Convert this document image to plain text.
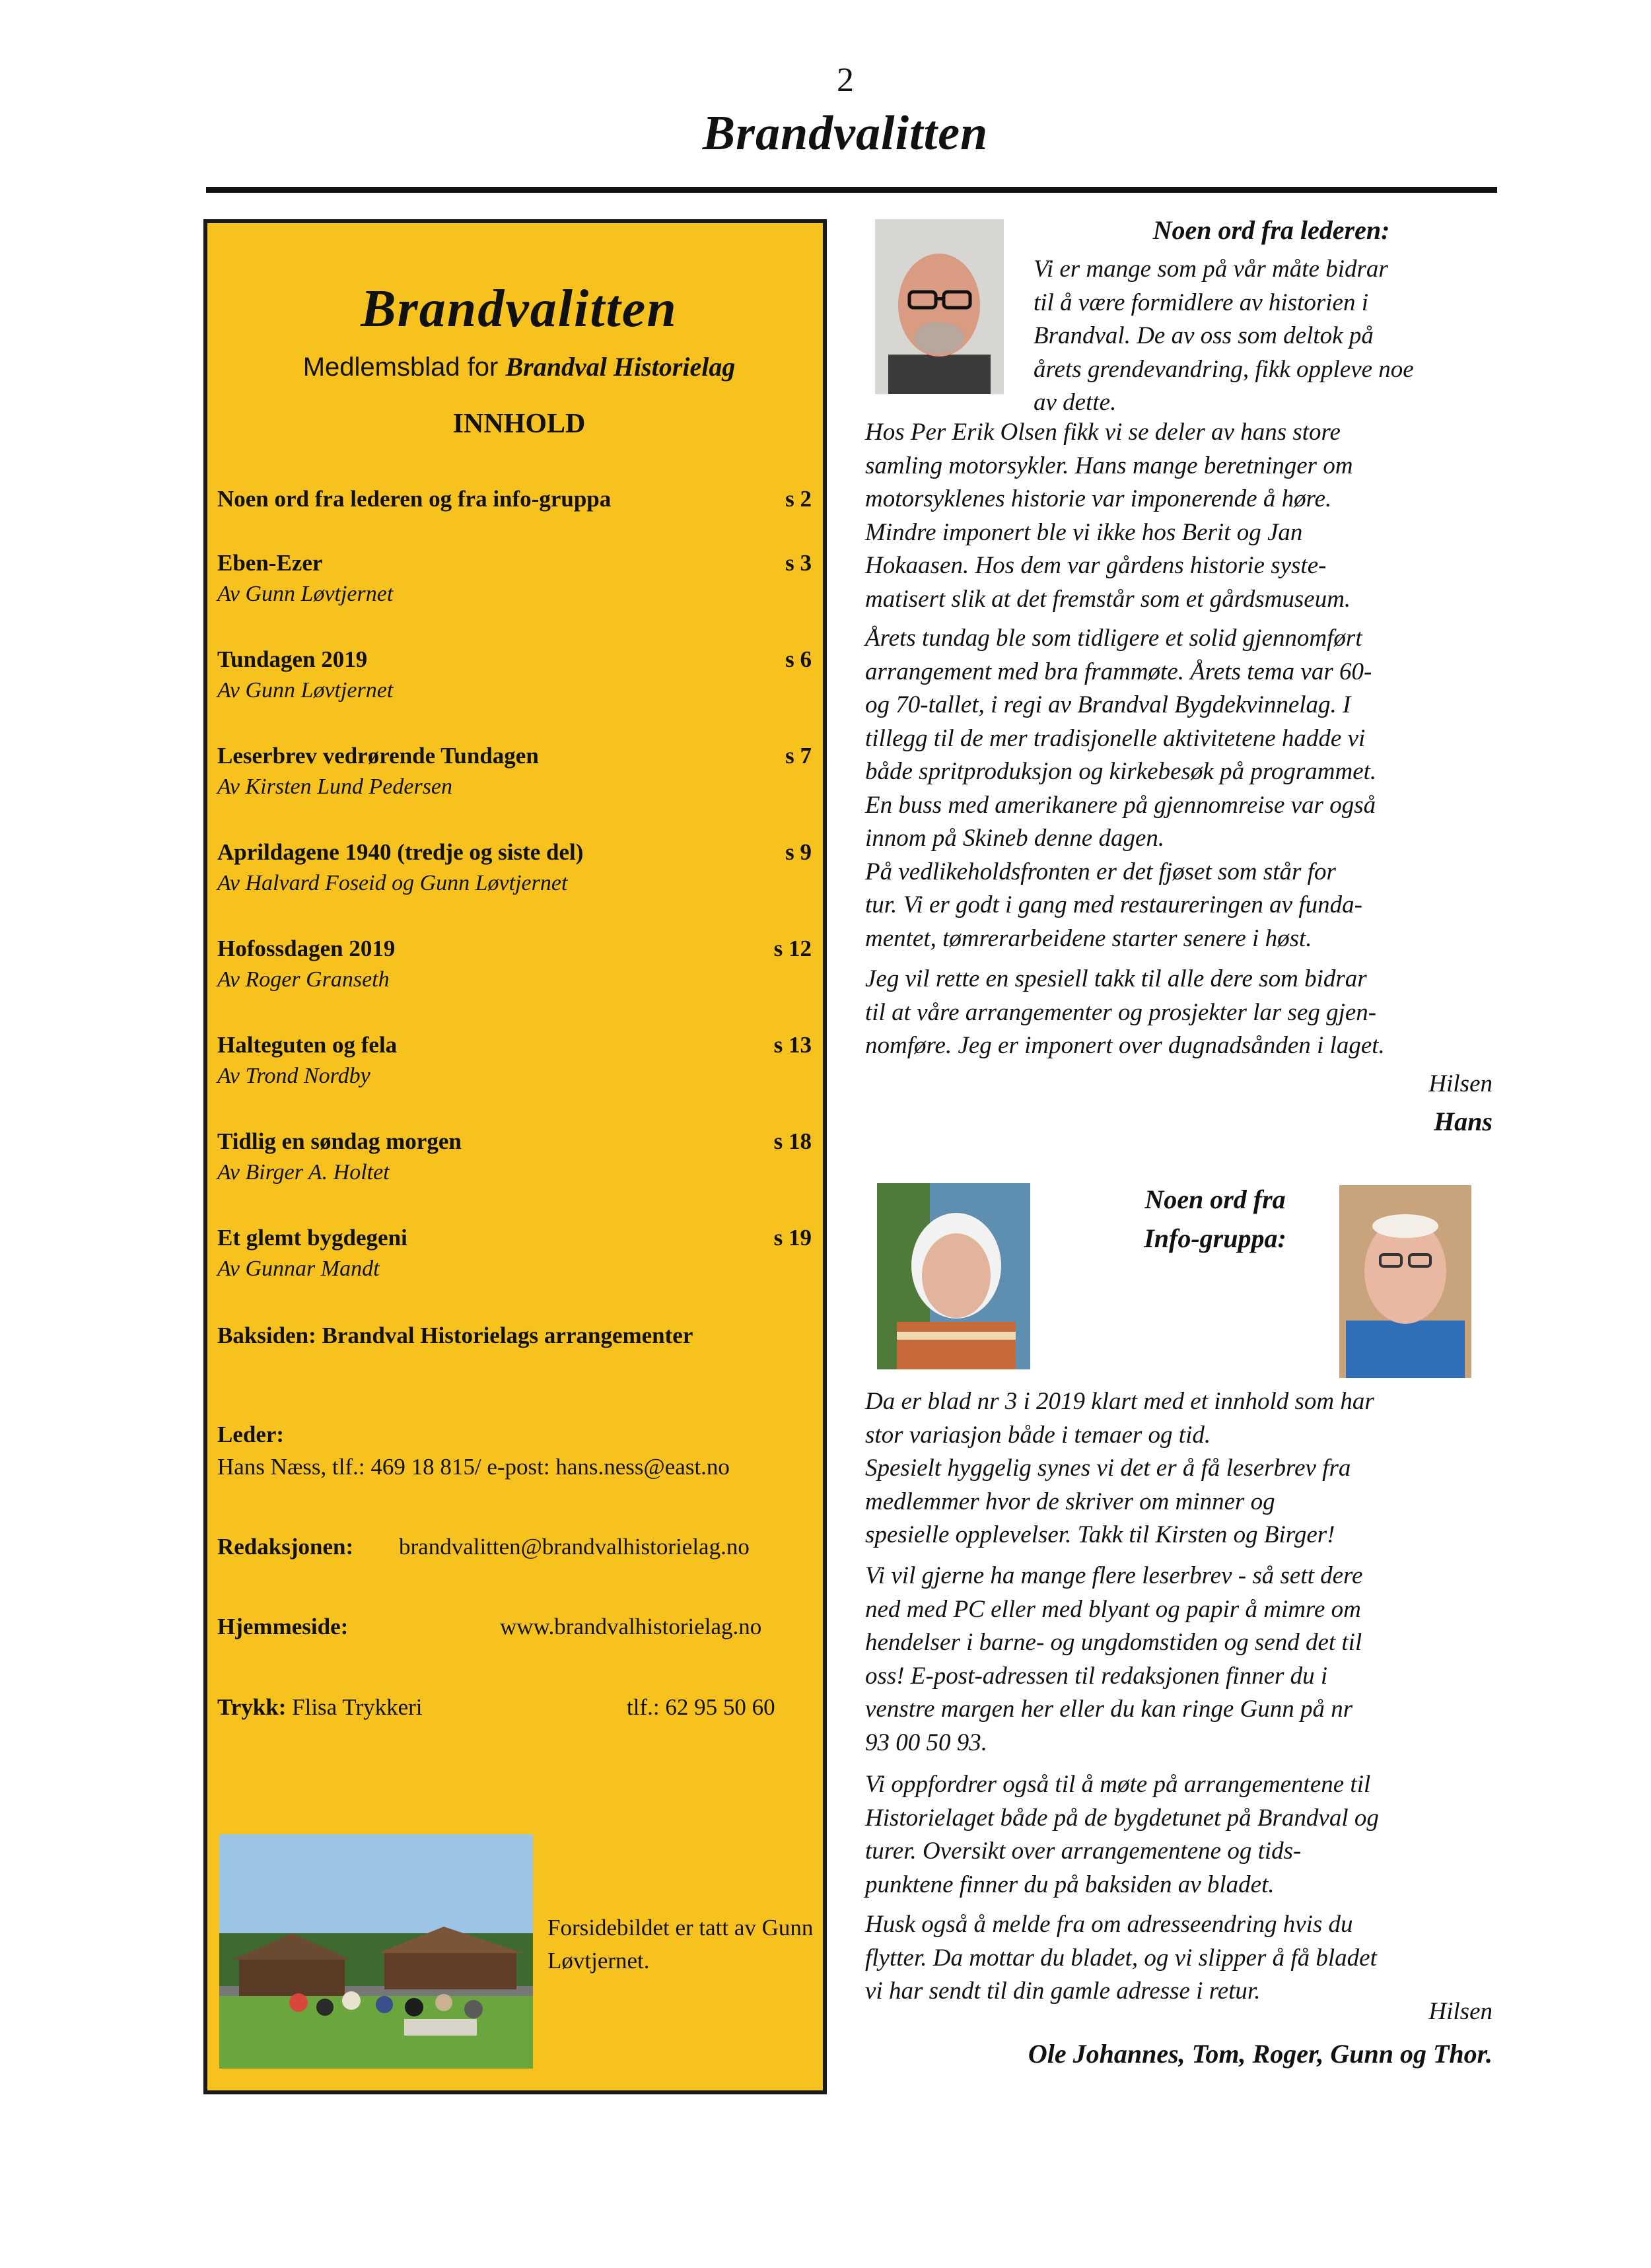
2
Brandvalitten
Brandvalitten
Medlemsblad for Brandval Historielag
INNHOLD
Noen ord fra lederen og fra info-gruppa	s 2
Eben-Ezer	s 3
Av Gunn Løvtjernet
Tundagen 2019	s 6
Av Gunn Løvtjernet
Leserbrev vedrørende Tundagen	s 7
Av Kirsten Lund Pedersen
Aprildagene 1940 (tredje og siste del)	s 9
Av Halvard Foseid og Gunn Løvtjernet
Hofossdagen 2019	s 12
Av Roger Granseth
Halteguten og fela	s 13
Av Trond Nordby
Tidlig en søndag morgen	s 18
Av Birger A. Holtet
Et glemt bygdegeni	s 19
Av Gunnar Mandt
Baksiden: Brandval Historielags arrangementer
Leder:
Hans Næss, tlf.: 469 18 815/ e-post: hans.ness@east.no
Redaksjonen: brandvalitten@brandvalhistorielag.no
Hjemmeside:	www.brandvalhistorielag.no
Trykk: Flisa Trykkeri	tlf.: 62 95 50 60
Forsidebildet er tatt av Gunn Løvtjernet.
Noen ord fra lederen:
Vi er mange som på vår måte bidrar
til å være formidlere av historien i
Brandval. De av oss som deltok på
årets grendevandring, fikk oppleve noe
av dette.
Hos Per Erik Olsen fikk vi se deler av hans store
samling motorsykler. Hans mange beretninger om
motorsyklenes historie var imponerende å høre.
Mindre imponert ble vi ikke hos Berit og Jan
Hokaasen. Hos dem var gårdens historie syste-
matisert slik at det fremstår som et gårdsmuseum.
Årets tundag ble som tidligere et solid gjennomført
arrangement med bra frammøte. Årets tema var 60-
og 70-tallet, i regi av Brandval Bygdekvinnelag. I
tillegg til de mer tradisjonelle aktivitetene hadde vi
både spritproduksjon og kirkebesøk på programmet.
En buss med amerikanere på gjennomreise var også
innom på Skineb denne dagen.
På vedlikeholdsfronten er det fjøset som står for
tur. Vi er godt i gang med restaureringen av funda-
mentet, tømrerarbeidene starter senere i høst.
Jeg vil rette en spesiell takk til alle dere som bidrar
til at våre arrangementer og prosjekter lar seg gjen-
nomføre. Jeg er imponert over dugnadsånden i laget.
Hilsen
Hans
Noen ord fra
Info-gruppa:
Da er blad nr 3 i 2019 klart med et innhold som har
stor variasjon både i temaer og tid.
Spesielt hyggelig synes vi det er å få leserbrev fra
medlemmer hvor de skriver om minner og
spesielle opplevelser. Takk til Kirsten og Birger!
Vi vil gjerne ha mange flere leserbrev - så sett dere
ned med PC eller med blyant og papir å mimre om
hendelser i barne- og ungdomstiden og send det til
oss! E-post-adressen til redaksjonen finner du i
venstre margen her eller du kan ringe Gunn på nr
93 00 50 93.
Vi oppfordrer også til å møte på arrangementene til
Historielaget både på de bygdetunet på Brandval og
turer. Oversikt over arrangementene og tids-
punktene finner du på baksiden av bladet.
Husk også å melde fra om adresseendring hvis du
flytter. Da mottar du bladet, og vi slipper å få bladet
vi har sendt til din gamle adresse i retur.
Hilsen
Ole Johannes, Tom, Roger, Gunn og Thor.
